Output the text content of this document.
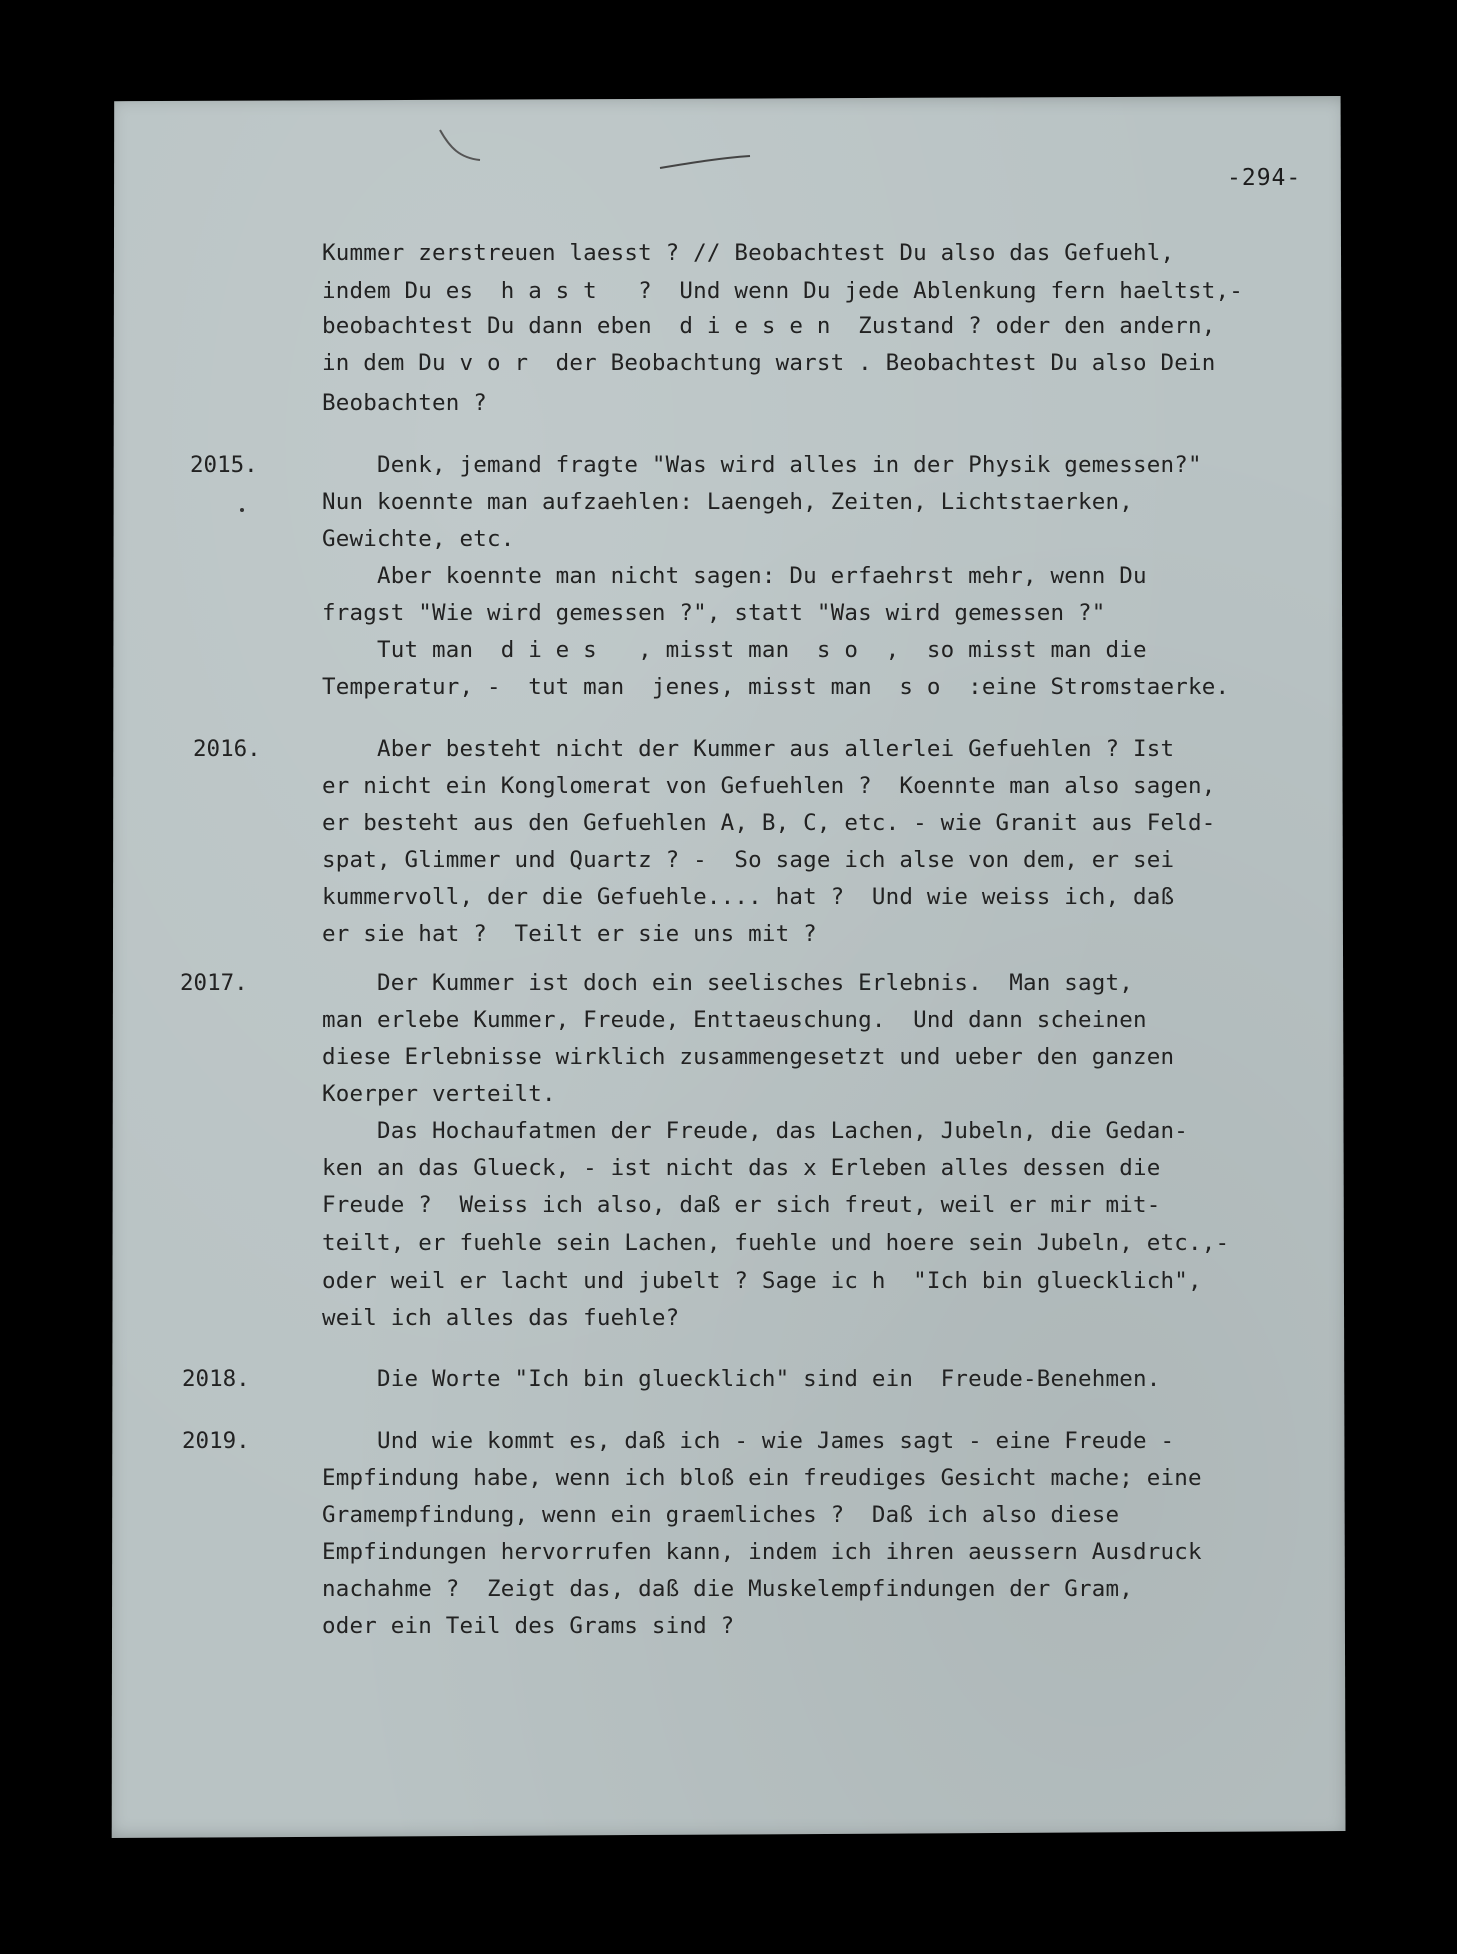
-294-
Kummer zerstreuen laesst ? // Beobachtest Du also das Gefuehl,
indem Du es  h a s t   ?  Und wenn Du jede Ablenkung fern haeltst,-
beobachtest Du dann eben  d i e s e n  Zustand ? oder den andern,
in dem Du v o r  der Beobachtung warst . Beobachtest Du also Dein
Beobachten ?
2015.	Denk, jemand fragte "Was wird alles in der Physik gemessen?"
Nun koennte man aufzaehlen: Laengeh, Zeiten, Lichtstaerken,
Gewichte, etc.
Aber koennte man nicht sagen: Du erfaehrst mehr, wenn Du
fragst "Wie wird gemessen ?", statt "Was wird gemessen ?"
Tut man  d i e s   , misst man  s o  ,  so misst man die
Temperatur, -  tut man  jenes, misst man  s o  :eine Stromstaerke.
2016.	Aber besteht nicht der Kummer aus allerlei Gefuehlen ? Ist
er nicht ein Konglomerat von Gefuehlen ?  Koennte man also sagen,
er besteht aus den Gefuehlen A, B, C, etc. - wie Granit aus Feld-
spat, Glimmer und Quartz ? -  So sage ich alse von dem, er sei
kummervoll, der die Gefuehle.... hat ?  Und wie weiss ich, daß
er sie hat ?  Teilt er sie uns mit ?
2017.	Der Kummer ist doch ein seelisches Erlebnis.  Man sagt,
man erlebe Kummer, Freude, Enttaeuschung.  Und dann scheinen
diese Erlebnisse wirklich zusammengesetzt und ueber den ganzen
Koerper verteilt.
Das Hochaufatmen der Freude, das Lachen, Jubeln, die Gedan-
ken an das Glueck, - ist nicht das x Erleben alles dessen die
Freude ?  Weiss ich also, daß er sich freut, weil er mir mit-
teilt, er fuehle sein Lachen, fuehle und hoere sein Jubeln, etc.,-
oder weil er lacht und jubelt ? Sage ic h  "Ich bin gluecklich",
weil ich alles das fuehle?
2018.	Die Worte "Ich bin gluecklich" sind ein  Freude-Benehmen.
2019.	Und wie kommt es, daß ich - wie James sagt - eine Freude -
Empfindung habe, wenn ich bloß ein freudiges Gesicht mache; eine
Gramempfindung, wenn ein graemliches ?  Daß ich also diese
Empfindungen hervorrufen kann, indem ich ihren aeussern Ausdruck
nachahme ?  Zeigt das, daß die Muskelempfindungen der Gram,
oder ein Teil des Grams sind ?
